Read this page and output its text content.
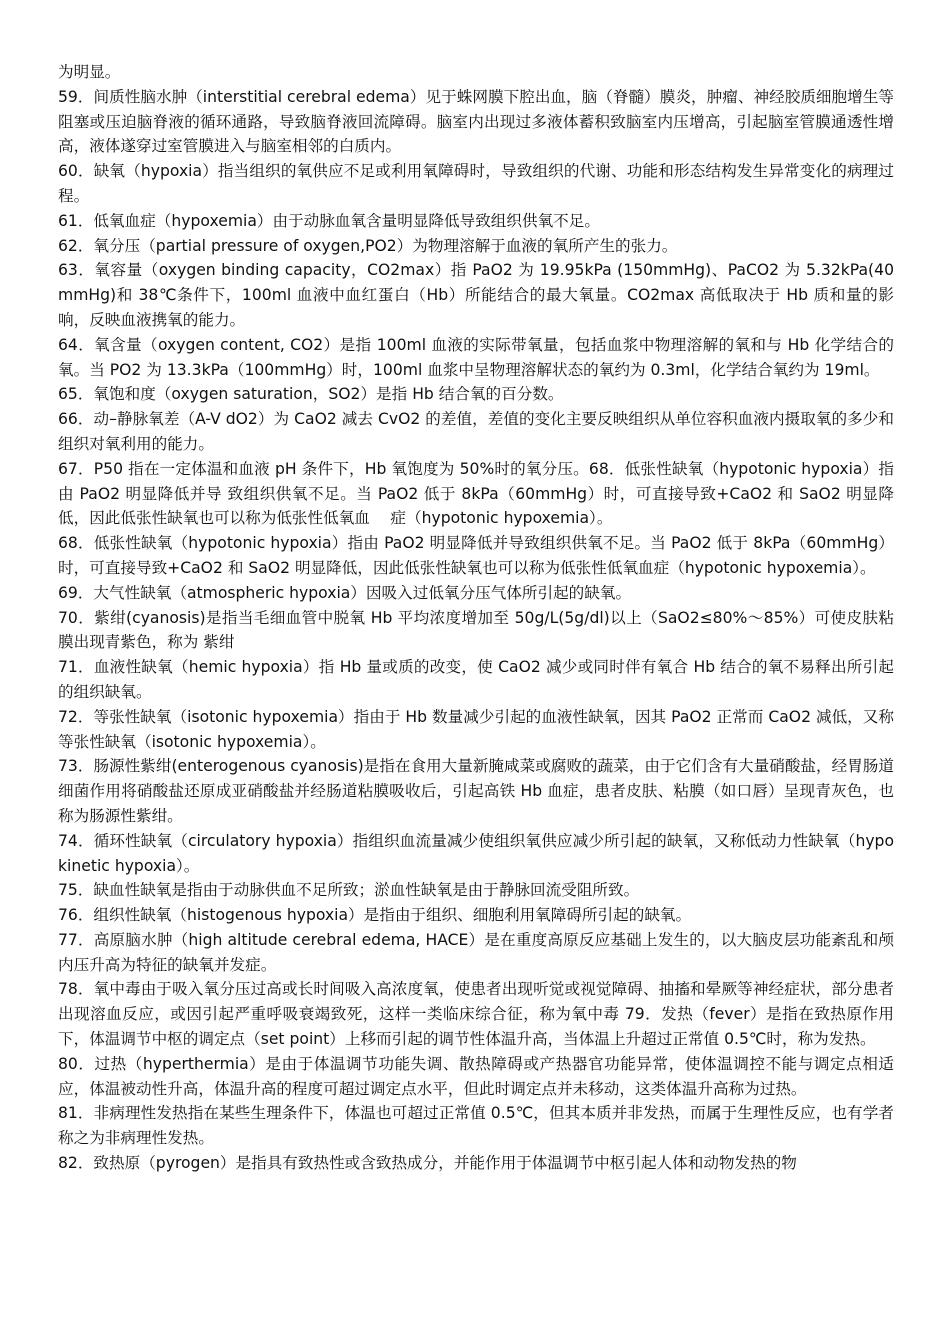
为明显。

59．间质性脑水肿（interstitial cerebral edema）见于蛛网膜下腔出血，脑（脊髓）膜炎，肿瘤、神经胶质细胞增生等阻塞或压迫脑脊液的循环通路，导致脑脊液回流障碍。脑室内出现过多液体蓄积致脑室内压增高，引起脑室管膜通透性增高，液体遂穿过室管膜进入与脑室相邻的白质内。

60．缺氧（hypoxia）指当组织的氧供应不足或利用氧障碍时，导致组织的代谢、功能和形态结构发生异常变化的病理过程。

61．低氧血症（hypoxemia）由于动脉血氧含量明显降低导致组织供氧不足。

62．氧分压（partial pressure of oxygen,PO2）为物理溶解于血液的氧所产生的张力。

63．氧容量（oxygen binding capacity，CO2max）指 PaO2 为 19.95kPa (150mmHg)、PaCO2 为 5.32kPa(40mmHg)和 38℃条件下，100ml 血液中血红蛋白（Hb）所能结合的最大氧量。CO2max 高低取决于 Hb 质和量的影响，反映血液携氧的能力。

64．氧含量（oxygen content, CO2）是指 100ml 血液的实际带氧量，包括血浆中物理溶解的氧和与 Hb 化学结合的氧。当 PO2 为 13.3kPa（100mmHg）时，100ml 血浆中呈物理溶解状态的氧约为 0.3ml，化学结合氧约为 19ml。

65．氧饱和度（oxygen saturation，SO2）是指 Hb 结合氧的百分数。

66．动–静脉氧差（A-V dO2）为 CaO2 减去 CvO2 的差值，差值的变化主要反映组织从单位容积血液内摄取氧的多少和组织对氧利用的能力。

67．P50 指在一定体温和血液 pH 条件下，Hb 氧饱度为 50%时的氧分压。68．低张性缺氧（hypotonic hypoxia）指由 PaO2 明显降低并导 致组织供氧不足。当 PaO2 低于 8kPa（60mmHg）时，可直接导致+CaO2 和 SaO2 明显降低，因此低张性缺氧也可以称为低张性低氧血　 症（hypotonic hypoxemia）。

68．低张性缺氧（hypotonic hypoxia）指由 PaO2 明显降低并导致组织供氧不足。当 PaO2 低于 8kPa（60mmHg）时，可直接导致+CaO2 和 SaO2 明显降低，因此低张性缺氧也可以称为低张性低氧血症（hypotonic hypoxemia）。

69．大气性缺氧（atmospheric hypoxia）因吸入过低氧分压气体所引起的缺氧。

70．紫绀(cyanosis)是指当毛细血管中脱氧 Hb 平均浓度增加至 50g/L(5g/dl)以上（SaO2≤80%～85%）可使皮肤粘膜出现青紫色，称为 紫绀

71．血液性缺氧（hemic hypoxia）指 Hb 量或质的改变，使 CaO2 减少或同时伴有氧合 Hb 结合的氧不易释出所引起的组织缺氧。

72．等张性缺氧（isotonic hypoxemia）指由于 Hb 数量减少引起的血液性缺氧，因其 PaO2 正常而 CaO2 减低，又称等张性缺氧（isotonic hypoxemia）。

73．肠源性紫绀(enterogenous cyanosis)是指在食用大量新腌咸菜或腐败的蔬菜，由于它们含有大量硝酸盐，经胃肠道细菌作用将硝酸盐还原成亚硝酸盐并经肠道粘膜吸收后，引起高铁 Hb 血症，患者皮肤、粘膜（如口唇）呈现青灰色，也称为肠源性紫绀。

74．循环性缺氧（circulatory hypoxia）指组织血流量减少使组织氧供应减少所引起的缺氧，又称低动力性缺氧（hypokinetic hypoxia）。

75．缺血性缺氧是指由于动脉供血不足所致；淤血性缺氧是由于静脉回流受阻所致。

76．组织性缺氧（histogenous hypoxia）是指由于组织、细胞利用氧障碍所引起的缺氧。

77．高原脑水肿（high altitude cerebral edema, HACE）是在重度高原反应基础上发生的，以大脑皮层功能紊乱和颅内压升高为特征的缺氧并发症。

78．氧中毒由于吸入氧分压过高或长时间吸入高浓度氧，使患者出现听觉或视觉障碍、抽搐和晕厥等神经症状，部分患者出现溶血反应，或因引起严重呼吸衰竭致死，这样一类临床综合征，称为氧中毒 79．发热（fever）是指在致热原作用下，体温调节中枢的调定点（set point）上移而引起的调节性体温升高，当体温上升超过正常值 0.5℃时，称为发热。

80．过热（hyperthermia）是由于体温调节功能失调、散热障碍或产热器官功能异常，使体温调控不能与调定点相适应，体温被动性升高，体温升高的程度可超过调定点水平，但此时调定点并未移动，这类体温升高称为过热。

81．非病理性发热指在某些生理条件下，体温也可超过正常值 0.5℃，但其本质并非发热，而属于生理性反应，也有学者称之为非病理性发热。

82．致热原（pyrogen）是指具有致热性或含致热成分，并能作用于体温调节中枢引起人体和动物发热的物
